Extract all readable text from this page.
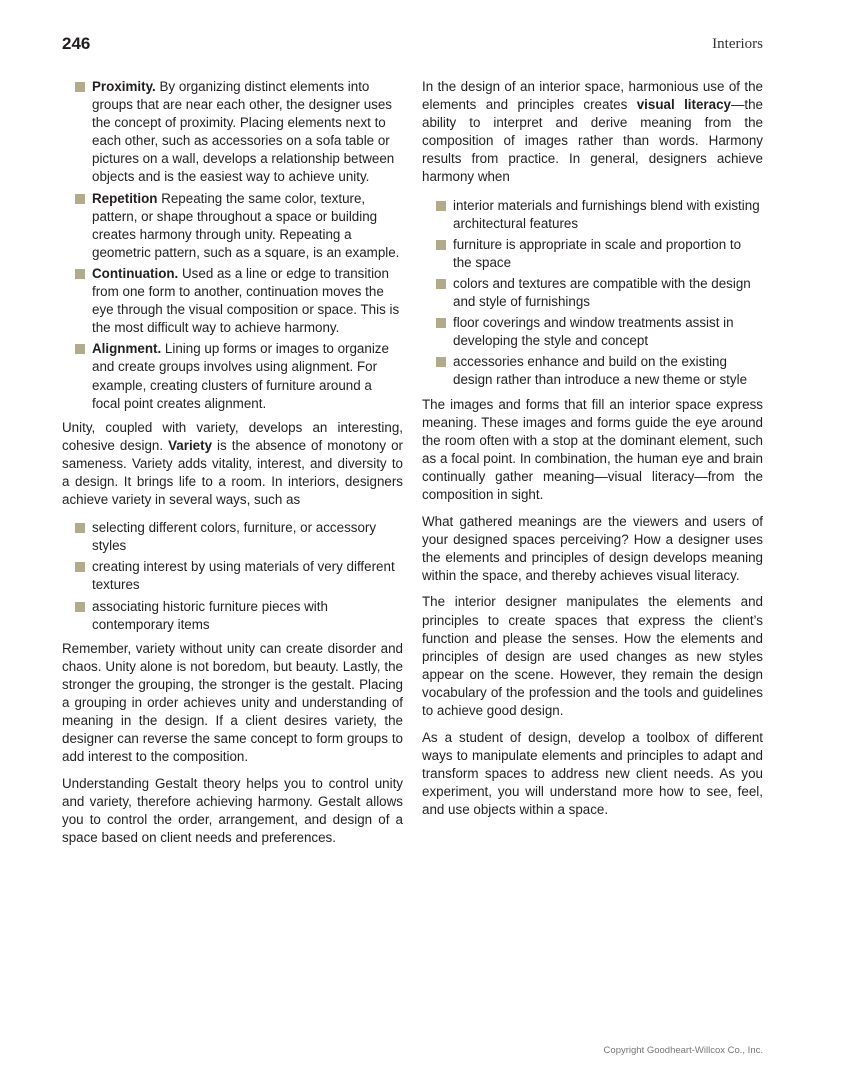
246	Interiors
Proximity. By organizing distinct elements into groups that are near each other, the designer uses the concept of proximity. Placing elements next to each other, such as accessories on a sofa table or pictures on a wall, develops a relationship between objects and is the easiest way to achieve unity.
Repetition Repeating the same color, texture, pattern, or shape throughout a space or building creates harmony through unity. Repeating a geometric pattern, such as a square, is an example.
Continuation. Used as a line or edge to transition from one form to another, continuation moves the eye through the visual composition or space. This is the most difficult way to achieve harmony.
Alignment. Lining up forms or images to organize and create groups involves using alignment. For example, creating clusters of furniture around a focal point creates alignment.

Unity, coupled with variety, develops an interesting, cohesive design. Variety is the absence of monotony or sameness. Variety adds vitality, interest, and diversity to a design. It brings life to a room. In interiors, designers achieve variety in several ways, such as

selecting different colors, furniture, or accessory styles
creating interest by using materials of very different textures
associating historic furniture pieces with contemporary items

Remember, variety without unity can create disorder and chaos. Unity alone is not boredom, but beauty. Lastly, the stronger the grouping, the stronger is the gestalt. Placing a grouping in order achieves unity and understanding of meaning in the design. If a client desires variety, the designer can reverse the same concept to form groups to add interest to the composition.

Understanding Gestalt theory helps you to control unity and variety, therefore achieving harmony. Gestalt allows you to control the order, arrangement, and design of a space based on client needs and preferences.

In the design of an interior space, harmonious use of the elements and principles creates visual literacy—the ability to interpret and derive meaning from the composition of images rather than words. Harmony results from practice. In general, designers achieve harmony when

interior materials and furnishings blend with existing architectural features
furniture is appropriate in scale and proportion to the space
colors and textures are compatible with the design and style of furnishings
floor coverings and window treatments assist in developing the style and concept
accessories enhance and build on the existing design rather than introduce a new theme or style

The images and forms that fill an interior space express meaning. These images and forms guide the eye around the room often with a stop at the dominant element, such as a focal point. In combination, the human eye and brain continually gather meaning—visual literacy—from the composition in sight.

What gathered meanings are the viewers and users of your designed spaces perceiving? How a designer uses the elements and principles of design develops meaning within the space, and thereby achieves visual literacy.

The interior designer manipulates the elements and principles to create spaces that express the client’s function and please the senses. How the elements and principles of design are used changes as new styles appear on the scene. However, they remain the design vocabulary of the profession and the tools and guidelines to achieve good design.

As a student of design, develop a toolbox of different ways to manipulate elements and principles to adapt and transform spaces to address new client needs. As you experiment, you will understand more how to see, feel, and use objects within a space.

Copyright Goodheart-Willcox Co., Inc.
